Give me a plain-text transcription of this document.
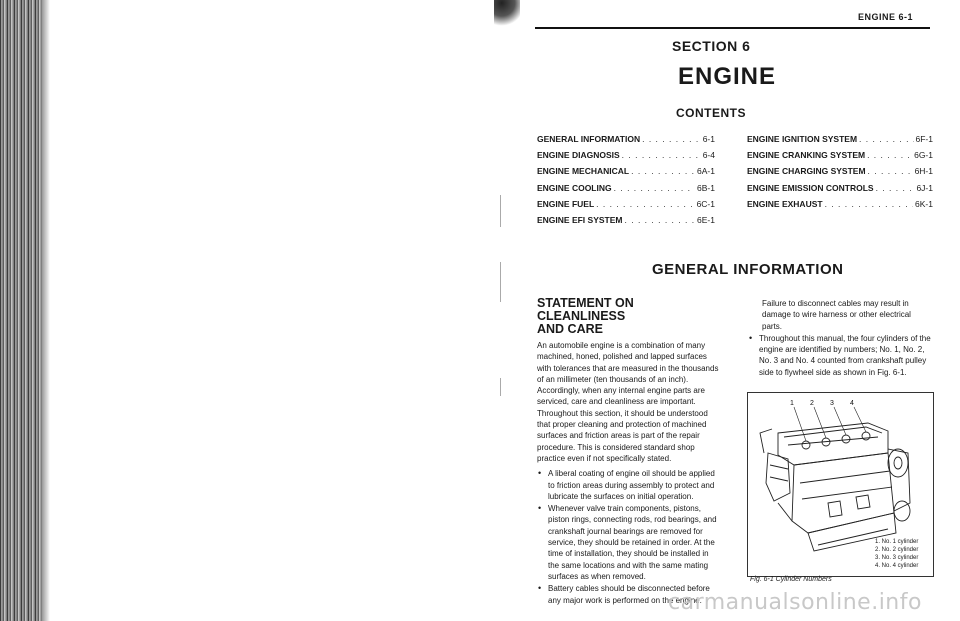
ENGINE 6-1
SECTION 6
ENGINE
CONTENTS
GENERAL INFORMATION . . .	6-1
ENGINE DIAGNOSIS . . .	6-4
ENGINE MECHANICAL . . .	6A-1
ENGINE COOLING . . .	6B-1
ENGINE FUEL . . .	6C-1
ENGINE EFI SYSTEM . . .	6E-1
ENGINE IGNITION SYSTEM . . .	6F-1
ENGINE CRANKING SYSTEM . . .	6G-1
ENGINE CHARGING SYSTEM . . .	6H-1
ENGINE EMISSION CONTROLS . . .	6J-1
ENGINE EXHAUST . . .	6K-1
GENERAL INFORMATION
STATEMENT ON CLEANLINESS
AND CARE

An automobile engine is a combination of many machined, honed, polished and lapped surfaces with tolerances that are measured in the thousands of an millimeter (ten thousands of an inch). Accordingly, when any internal engine parts are serviced, care and cleanliness are important. Throughout this section, it should be understood that proper cleaning and protection of machined surfaces and friction areas is part of the repair procedure. This is considered standard shop practice even if not specifically stated.

• A liberal coating of engine oil should be applied to friction areas during assembly to protect and lubricate the surfaces on initial operation.
• Whenever valve train components, pistons, piston rings, connecting rods, rod bearings, and crankshaft journal bearings are removed for service, they should be retained in order. At the time of installation, they should be installed in the same locations and with the same mating surfaces as when removed.
• Battery cables should be disconnected before any major work is performed on the engine.

Failure to disconnect cables may result in damage to wire harness or other electrical parts.

• Throughout this manual, the four cylinders of the engine are identified by numbers; No. 1, No. 2, No. 3 and No. 4 counted from crankshaft pulley side to flywheel side as shown in Fig. 6-1.
1 2 3 4
1. No. 1 cylinder
2. No. 2 cylinder
3. No. 3 cylinder
4. No. 4 cylinder
Fig. 6-1 Cylinder Numbers
carmanualsonline.info
